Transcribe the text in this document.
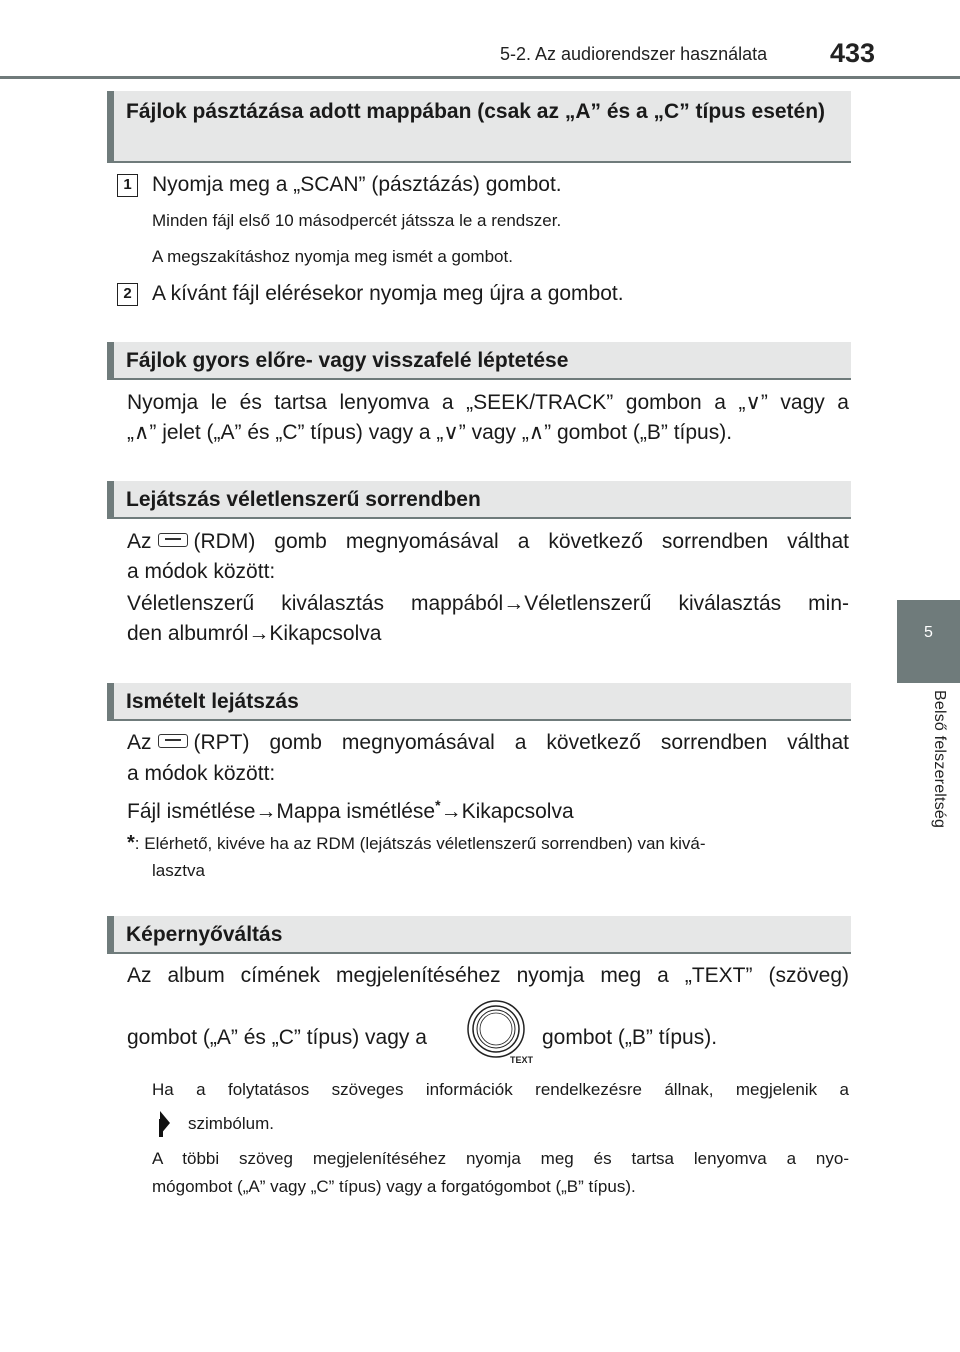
5-2. Az audiorendszer használata 433
5
Belső felszereltség
Fájlok pásztázása adott mappában (csak az „A” és a „C” típus esetén)
1 Nyomja meg a „SCAN” (pásztázás) gombot.
Minden fájl első 10 másodpercét játssza le a rendszer.
A megszakításhoz nyomja meg ismét a gombot.
2 A kívánt fájl elérésekor nyomja meg újra a gombot.
Fájlok gyors előre- vagy visszafelé léptetése
Nyomja le és tartsa lenyomva a „SEEK/TRACK” gombon a „∨” vagy a
„∧” jelet („A” és „C” típus) vagy a „∨” vagy „∧” gombot („B” típus).
Lejátszás véletlenszerű sorrendben
Az (RDM) gomb megnyomásával a következő sorrendben válthat
a módok között:
Véletlenszerű kiválasztás mappából→Véletlenszerű kiválasztás min-
den albumról→Kikapcsolva
Ismételt lejátszás
Az (RPT) gomb megnyomásával a következő sorrendben válthat
a módok között:
Fájl ismétlése→Mappa ismétlése*→Kikapcsolva
*: Elérhető, kivéve ha az RDM (lejátszás véletlenszerű sorrendben) van kivá-
lasztva
Képernyőváltás
Az album címének megjelenítéséhez nyomja meg a „TEXT” (szöveg)
gombot („A” és „C” típus) vagy a
TEXT
gombot („B” típus).
Ha a folytatásos szöveges információk rendelkezésre állnak, megjelenik a
szimbólum.
A többi szöveg megjelenítéséhez nyomja meg és tartsa lenyomva a nyo-
mógombot („A” vagy „C” típus) vagy a forgatógombot („B” típus).
